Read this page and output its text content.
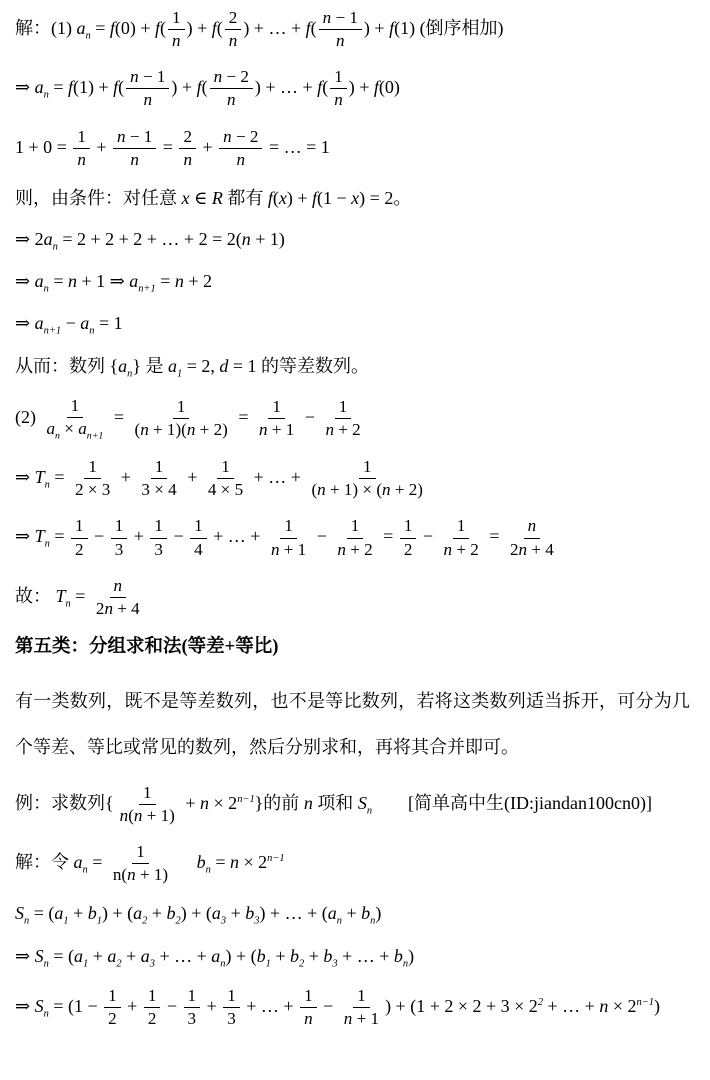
解：(1) $a_n = f(0) + f( \frac{1}{n}$ ) + $f( \frac{2}{n}$ ) + … + $f( \frac{n - 1}{n}$ ) + f(1) (倒序相加)
⇒ $a_n = f(1) + f( \frac{n - 1}{n}$ ) + $f( \frac{n - 2}{n}$ ) + … + $f( \frac{1}{n}$ ) + f(0)
$1 + 0 = \frac{1}{n} + \frac{n - 1}{n} = \frac{2}{n} + \frac{n - 2}{n}$ = … = 1
则，由条件：对任意 x ∈ R 都有 f(x) + f(1 − x) = 2。
⇒ $2a_n = 2 + 2 + 2$ + … + 2 = 2(n + 1)
⇒ $a_n = n + 1$ ⇒ $a_{n+1} = n + 2$
⇒ $a_{n+1} - a_n = 1$
从而：数列 $\{a_n\}$ 是 $a_1 = 2$, d = 1 的等差数列。
$(2) \frac{1}{a_n \times a_{n+1}} = \frac{1}{(n + 1)(n + 2)} = \frac{1}{n + 1} - \frac{1}{n + 2}$
⇒ $T_n = \frac{1}{2 \times 3} + \frac{1}{3 \times 4} + \frac{1}{4 \times 5}$ + … + $\frac{1}{(n + 1) \times (n + 2)}$
⇒ $T_n = \frac{1}{2} - \frac{1}{3} + \frac{1}{3} - \frac{1}{4}$ + … + $\frac{1}{n + 1} - \frac{1}{n + 2} = \frac{1}{2} - \frac{1}{n + 2} = \frac{n}{2n + 4}$
故： $T_n = \frac{n}{2n + 4}$
第五类：分组求和法(等差+等比)
有一类数列，既不是等差数列，也不是等比数列，若将这类数列适当拆开，可分为几个等差、等比或常见的数列，然后分别求和，再将其合并即可。
例：求数列{ $\frac{1}{n(n + 1)} + n \times 2^{n-1}$}的前 n 项和 $S_n$        [简单高中生(ID:jiandan100cn0)]
解：令 $a_n = \frac{1}{n(n + 1)} b_n = n \times 2^{n-1}$
$S_n = (a_1 + b_1) + (a_2 + b_2) + (a_3 + b_3)$ + … + $(a_n + b_n)$
⇒ $S_n = (a_1 + a_2 + a_3$ + … + $a_n) + (b_1 + b_2 + b_3$ + … + $b_n$)
⇒ $S_n = (1 - \frac{1}{2} + \frac{1}{2} - \frac{1}{3} + \frac{1}{3}$ + … + $\frac{1}{n} - \frac{1}{n + 1}$ ) + ($1 + 2 \times 2 + 3 \times 2^2$ + … + $n \times 2^{n-1}$)
